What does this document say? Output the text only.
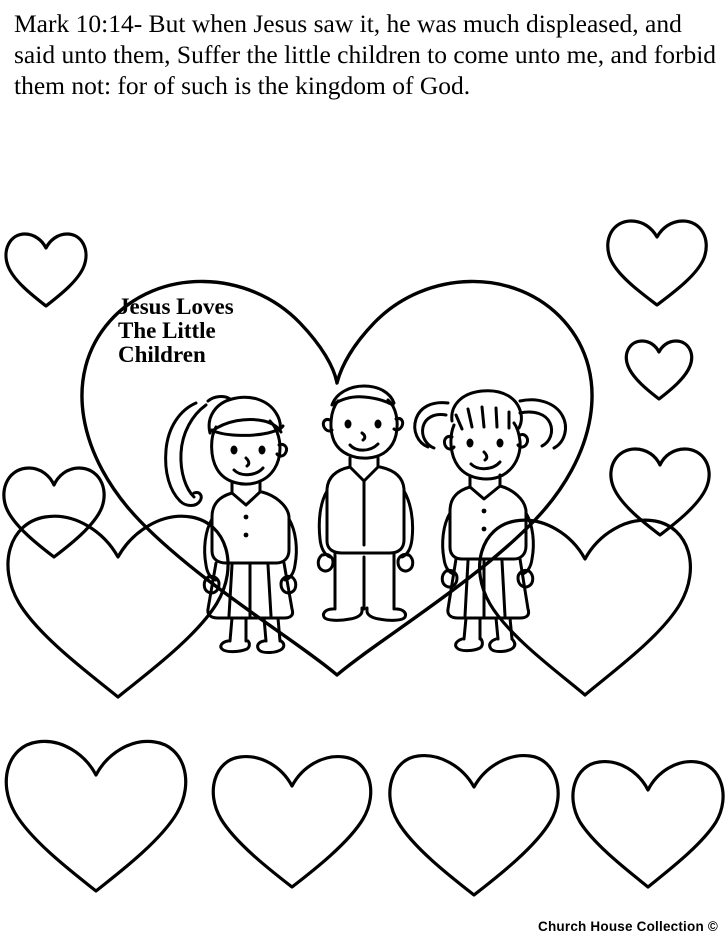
Mark 10:14- But when Jesus saw it, he was much displeased, and said unto them, Suffer the little children to come unto me, and forbid them not: for of such is the kingdom of God.
Jesus Loves
The Little
Children
Church House Collection ©
